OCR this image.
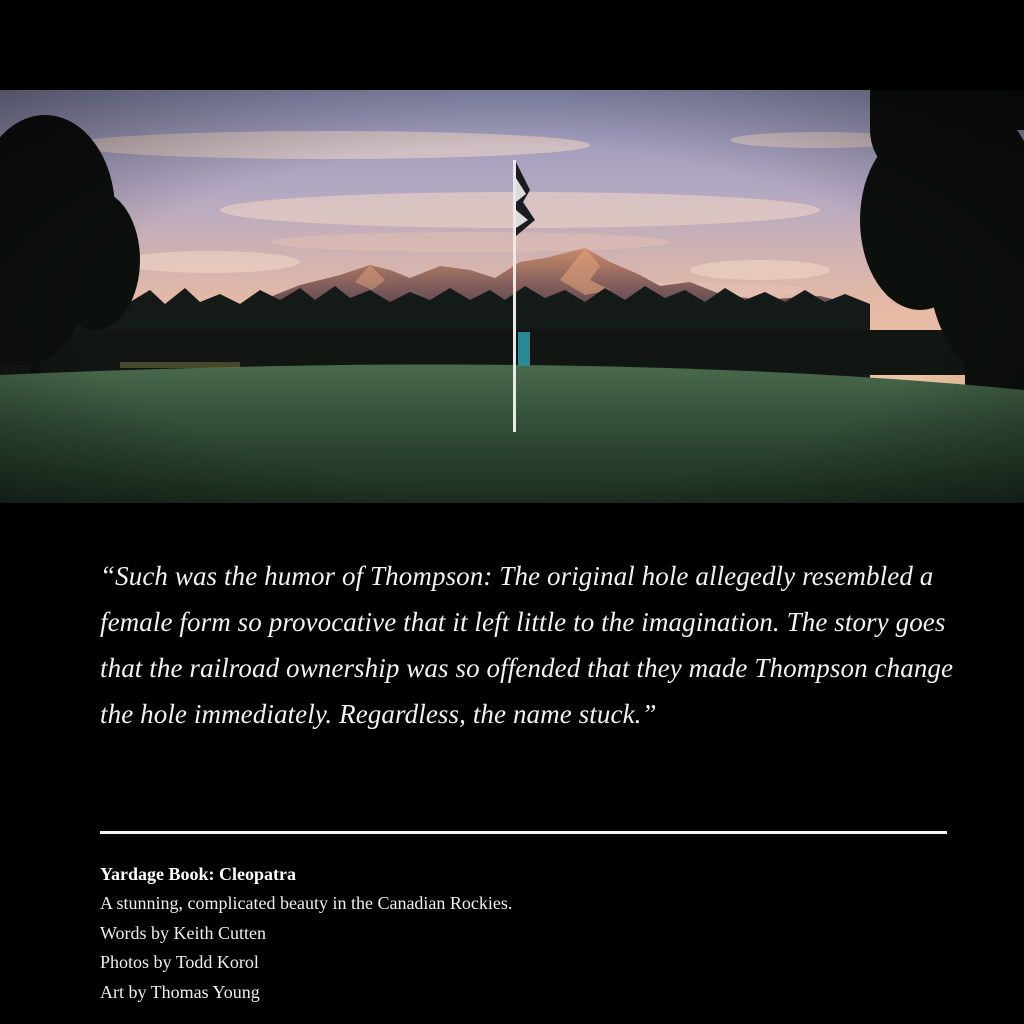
“Such was the humor of Thompson: The original hole allegedly resembled a female form so provocative that it left little to the imagination. The story goes that the railroad ownership was so offended that they made Thompson change the hole immediately. Regardless, the name stuck.”

Yardage Book: Cleopatra
A stunning, complicated beauty in the Canadian Rockies.
Words by Keith Cutten
Photos by Todd Korol
Art by Thomas Young
